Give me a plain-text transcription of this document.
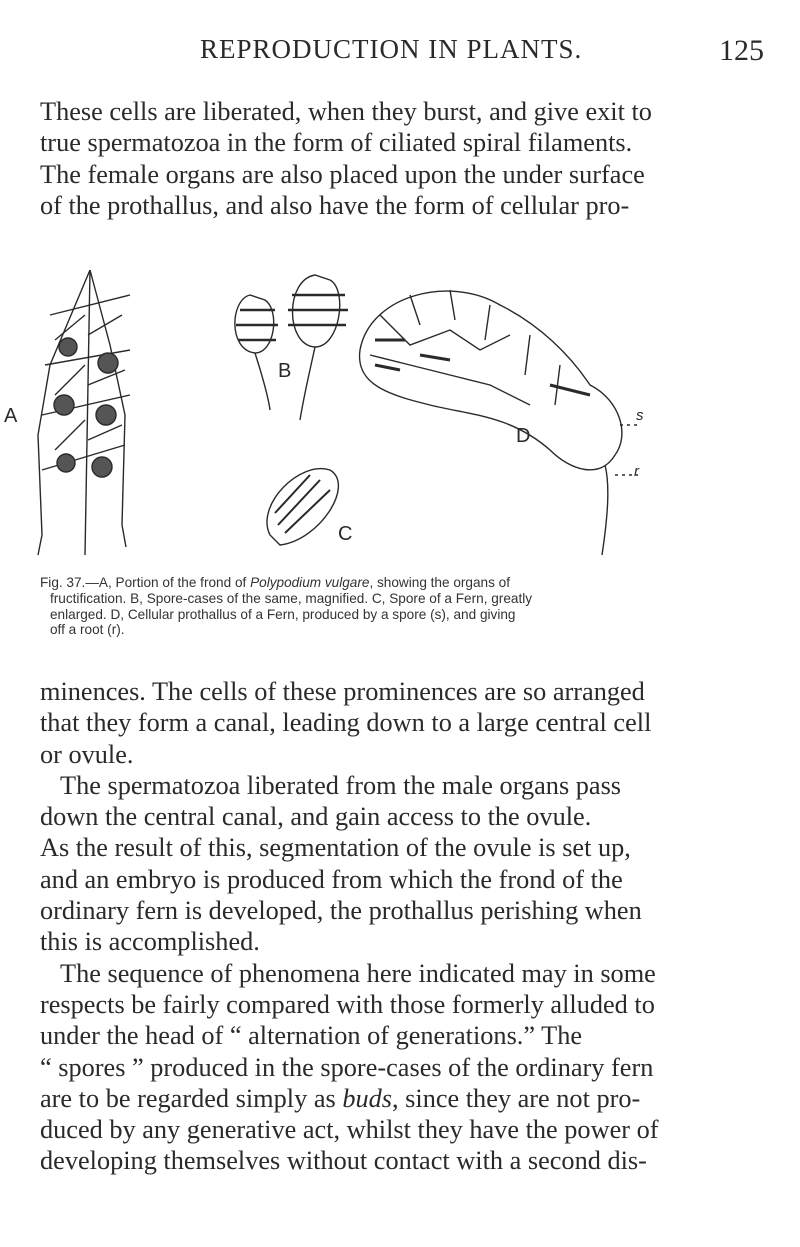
REPRODUCTION IN PLANTS.	125

These cells are liberated, when they burst, and give exit to
true spermatozoa in the form of ciliated spiral filaments.
The female organs are also placed upon the under surface
of the prothallus, and also have the form of cellular pro-

A
B
C
D
s
r
Fig. 37.—A, Portion of the frond of Polypodium vulgare, showing the organs of
fructification. B, Spore-cases of the same, magnified. C, Spore of a Fern, greatly
enlarged. D, Cellular prothallus of a Fern, produced by a spore (s), and giving
off a root (r).
minences. The cells of these prominences are so arranged
that they form a canal, leading down to a large central cell
or ovule.
The spermatozoa liberated from the male organs pass
down the central canal, and gain access to the ovule.
As the result of this, segmentation of the ovule is set up,
and an embryo is produced from which the frond of the
ordinary fern is developed, the prothallus perishing when
this is accomplished.
The sequence of phenomena here indicated may in some
respects be fairly compared with those formerly alluded to
under the head of “ alternation of generations.” The
“ spores ” produced in the spore-cases of the ordinary fern
are to be regarded simply as buds, since they are not pro-
duced by any generative act, whilst they have the power of
developing themselves without contact with a second dis-
